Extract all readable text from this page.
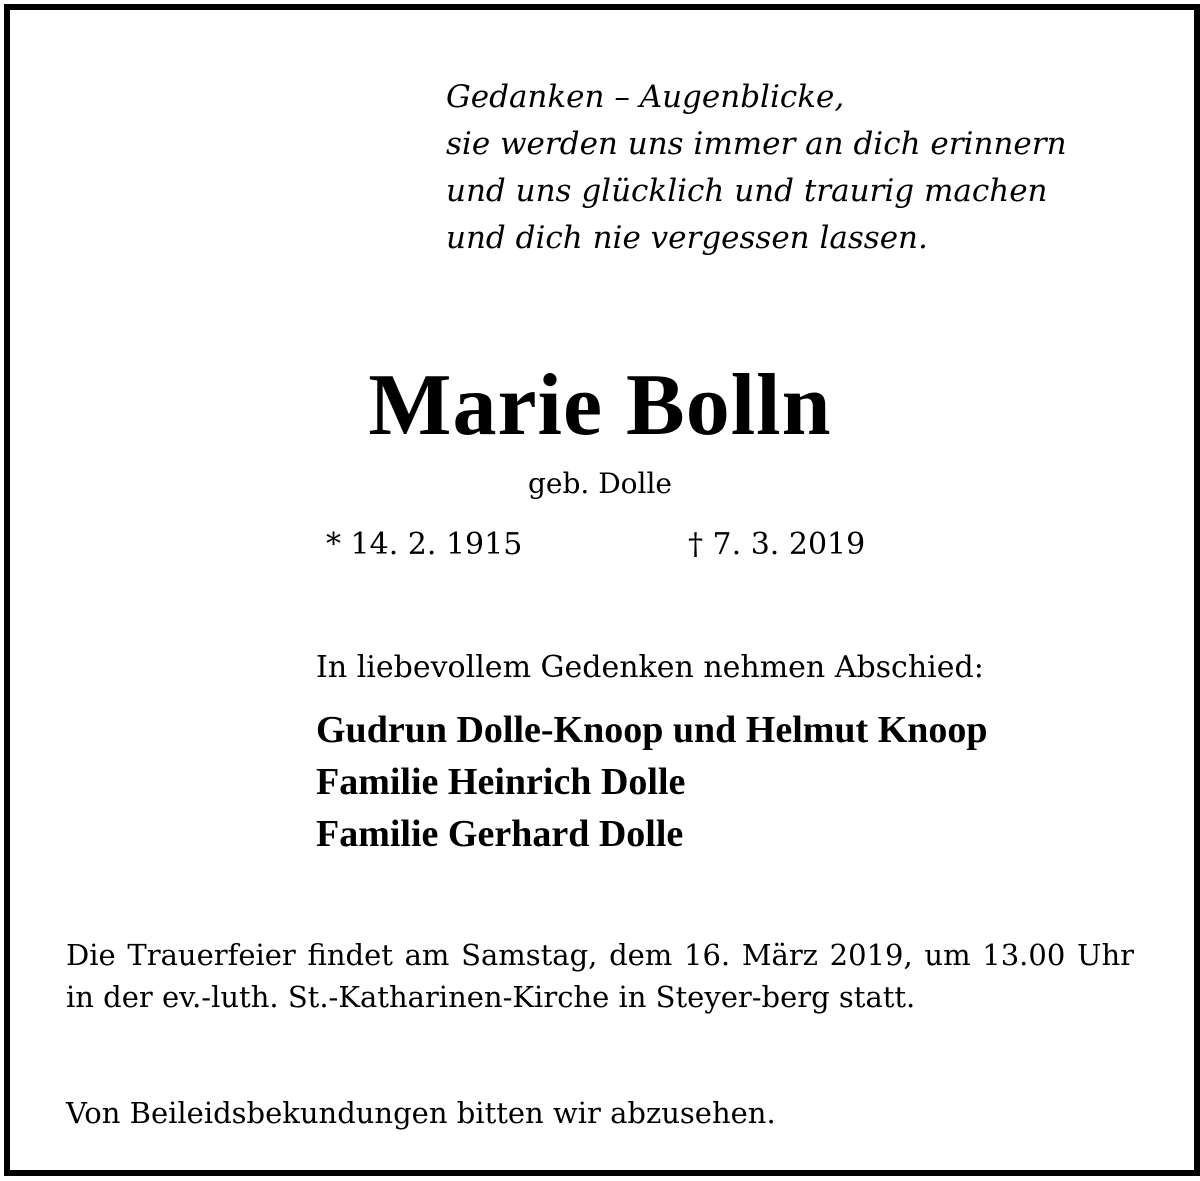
Gedanken – Augenblicke,
sie werden uns immer an dich erinnern
und uns glücklich und traurig machen
und dich nie vergessen lassen.
Marie Bolln
geb. Dolle
* 14. 2. 1915	† 7. 3. 2019
In liebevollem Gedenken nehmen Abschied:
Gudrun Dolle-Knoop und Helmut Knoop
Familie Heinrich Dolle
Familie Gerhard Dolle
Die Trauerfeier findet am Samstag, dem 16. März 2019, um 13.00 Uhr in der ev.-luth. St.-Katharinen-Kirche in Steyer-berg statt.
Von Beileidsbekundungen bitten wir abzusehen.
